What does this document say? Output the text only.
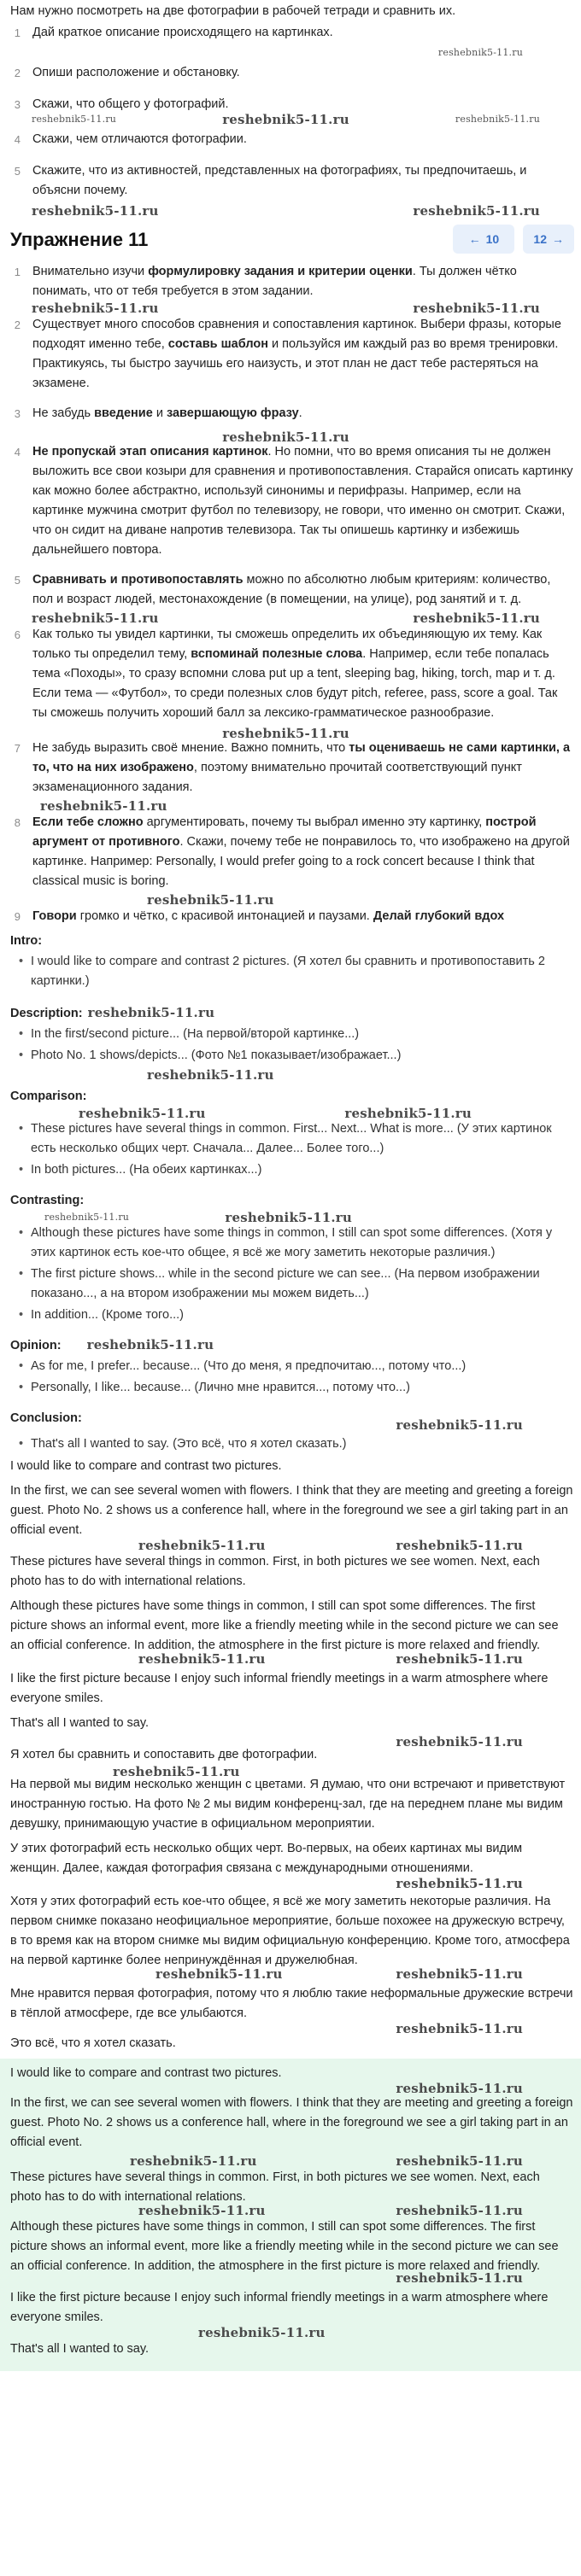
Нам нужно посмотреть на две фотографии в рабочей тетради и сравнить их.
1 Дай краткое описание происходящего на картинках.
reshebnik5-11.ru
2 Опиши расположение и обстановку.
3 Скажи, что общего у фотографий.
reshebnik5-11.ru	reshebnik5-11.ru	reshebnik5-11.ru
4 Скажи, чем отличаются фотографии.
5 Скажите, что из активностей, представленных на фотографиях, ты предпочитаешь, и объясни почему.
reshebnik5-11.ru	reshebnik5-11.ru
Упражнение 11	← 10	12 →
1 Внимательно изучи формулировку задания и критерии оценки. Ты должен чётко понимать, что от тебя требуется в этом задании.
reshebnik5-11.ru	reshebnik5-11.ru
2 Существует много способов сравнения и сопоставления картинок. Выбери фразы, которые подходят именно тебе, составь шаблон и пользуйся им каждый раз во время тренировки. Практикуясь, ты быстро заучишь его наизусть, и этот план не даст тебе растеряться на экзамене.
3 Не забудь введение и завершающую фразу.
reshebnik5-11.ru
4 Не пропускай этап описания картинок. Но помни, что во время описания ты не должен выложить все свои козыри для сравнения и противопоставления. Старайся описать картинку как можно более абстрактно, используй синонимы и перифразы. Например, если на картинке мужчина смотрит футбол по телевизору, не говори, что именно он смотрит. Скажи, что он сидит на диване напротив телевизора. Так ты опишешь картинку и избежишь дальнейшего повтора.
5 Сравнивать и противопоставлять можно по абсолютно любым критериям: количество, пол и возраст людей, местонахождение (в помещении, на улице), род занятий и т. д.
reshebnik5-11.ru	reshebnik5-11.ru
6 Как только ты увидел картинки, ты сможешь определить их объединяющую их тему. Как только ты определил тему, вспоминай полезные слова. Например, если тебе попалась тема «Походы», то сразу вспомни слова put up a tent, sleeping bag, hiking, torch, map и т. д. Если тема — «Футбол», то среди полезных слов будут pitch, referee, pass, score a goal. Так ты сможешь получить хороший балл за лексико-грамматическое разнообразие.
reshebnik5-11.ru
7 Не забудь выразить своё мнение. Важно помнить, что ты оцениваешь не сами картинки, а то, что на них изображено, поэтому внимательно прочитай соответствующий пункт экзаменационного задания.
reshebnik5-11.ru
8 Если тебе сложно аргументировать, почему ты выбрал именно эту картинку, построй аргумент от противного. Скажи, почему тебе не понравилось то, что изображено на другой картинке. Например: Personally, I would prefer going to a rock concert because I think that classical music is boring.
reshebnik5-11.ru
9 Говори громко и чётко, с красивой интонацией и паузами. Делай глубокий вдох
Intro:
• I would like to compare and contrast 2 pictures. (Я хотел бы сравнить и противопоставить 2 картинки.)
Description: reshebnik5-11.ru
• In the first/second picture... (На первой/второй картинке...)
• Photo No. 1 shows/depicts... (Фото №1 показывает/изображает...)
reshebnik5-11.ru
Comparison:
reshebnik5-11.ru	reshebnik5-11.ru
• These pictures have several things in common. First... Next... What is more... (У этих картинок есть несколько общих черт. Сначала... Далее... Более того...)
• In both pictures... (На обеих картинках...)
Contrasting:
reshebnik5-11.ru	reshebnik5-11.ru
• Although these pictures have some things in common, I still can spot some differences. (Хотя у этих картинок есть кое-что общее, я всё же могу заметить некоторые различия.)
• The first picture shows... while in the second picture we can see... (На первом изображении показано..., а на втором изображении мы можем видеть...)
• In addition... (Кроме того...)
Opinion: reshebnik5-11.ru
• As for me, I prefer... because... (Что до меня, я предпочитаю..., потому что...)
• Personally, I like... because... (Лично мне нравится..., потому что...)
Conclusion:	reshebnik5-11.ru
• That's all I wanted to say. (Это всё, что я хотел сказать.)

I would like to compare and contrast two pictures.

In the first, we can see several women with flowers. I think that they are meeting and greeting a foreign guest. Photo No. 2 shows us a conference hall, where in the foreground we see a girl taking part in an official event.

reshebnik5-11.ru	reshebnik5-11.ru

These pictures have several things in common. First, in both pictures we see women. Next, each photo has to do with international relations.

Although these pictures have some things in common, I still can spot some differences. The first picture shows an informal event, more like a friendly meeting while in the second picture we can see an official conference. In addition, the atmosphere in the first picture is more relaxed and friendly.

reshebnik5-11.ru	reshebnik5-11.ru

I like the first picture because I enjoy such informal friendly meetings in a warm atmosphere where everyone smiles.

That's all I wanted to say.

reshebnik5-11.ru

Я хотел бы сравнить и сопоставить две фотографии.

reshebnik5-11.ru

На первой мы видим несколько женщин с цветами. Я думаю, что они встречают и приветствуют иностранную гостью. На фото № 2 мы видим конференц-зал, где на переднем плане мы видим девушку, принимающую участие в официальном мероприятии.

У этих фотографий есть несколько общих черт. Во-первых, на обеих картинах мы видим женщин. Далее, каждая фотография связана с международными отношениями.

reshebnik5-11.ru

Хотя у этих фотографий есть кое-что общее, я всё же могу заметить некоторые различия. На первом снимке показано неофициальное мероприятие, больше похожее на дружескую встречу, в то время как на втором снимке мы видим официальную конференцию. Кроме того, атмосфера на первой картинке более непринуждённая и дружелюбная.

reshebnik5-11.ru	reshebnik5-11.ru

Мне нравится первая фотография, потому что я люблю такие неформальные дружеские встречи в тёплой атмосфере, где все улыбаются.

reshebnik5-11.ru

Это всё, что я хотел сказать.

I would like to compare and contrast two pictures.

reshebnik5-11.ru

In the first, we can see several women with flowers. I think that they are meeting and greeting a foreign guest. Photo No. 2 shows us a conference hall, where in the foreground we see a girl taking part in an official event.

reshebnik5-11.ru	reshebnik5-11.ru

These pictures have several things in common. First, in both pictures we see women. Next, each photo has to do with international relations.

reshebnik5-11.ru	reshebnik5-11.ru

Although these pictures have some things in common, I still can spot some differences. The first picture shows an informal event, more like a friendly meeting while in the second picture we can see an official conference. In addition, the atmosphere in the first picture is more relaxed and friendly.

reshebnik5-11.ru

I like the first picture because I enjoy such informal friendly meetings in a warm atmosphere where everyone smiles.

reshebnik5-11.ru

That's all I wanted to say.
